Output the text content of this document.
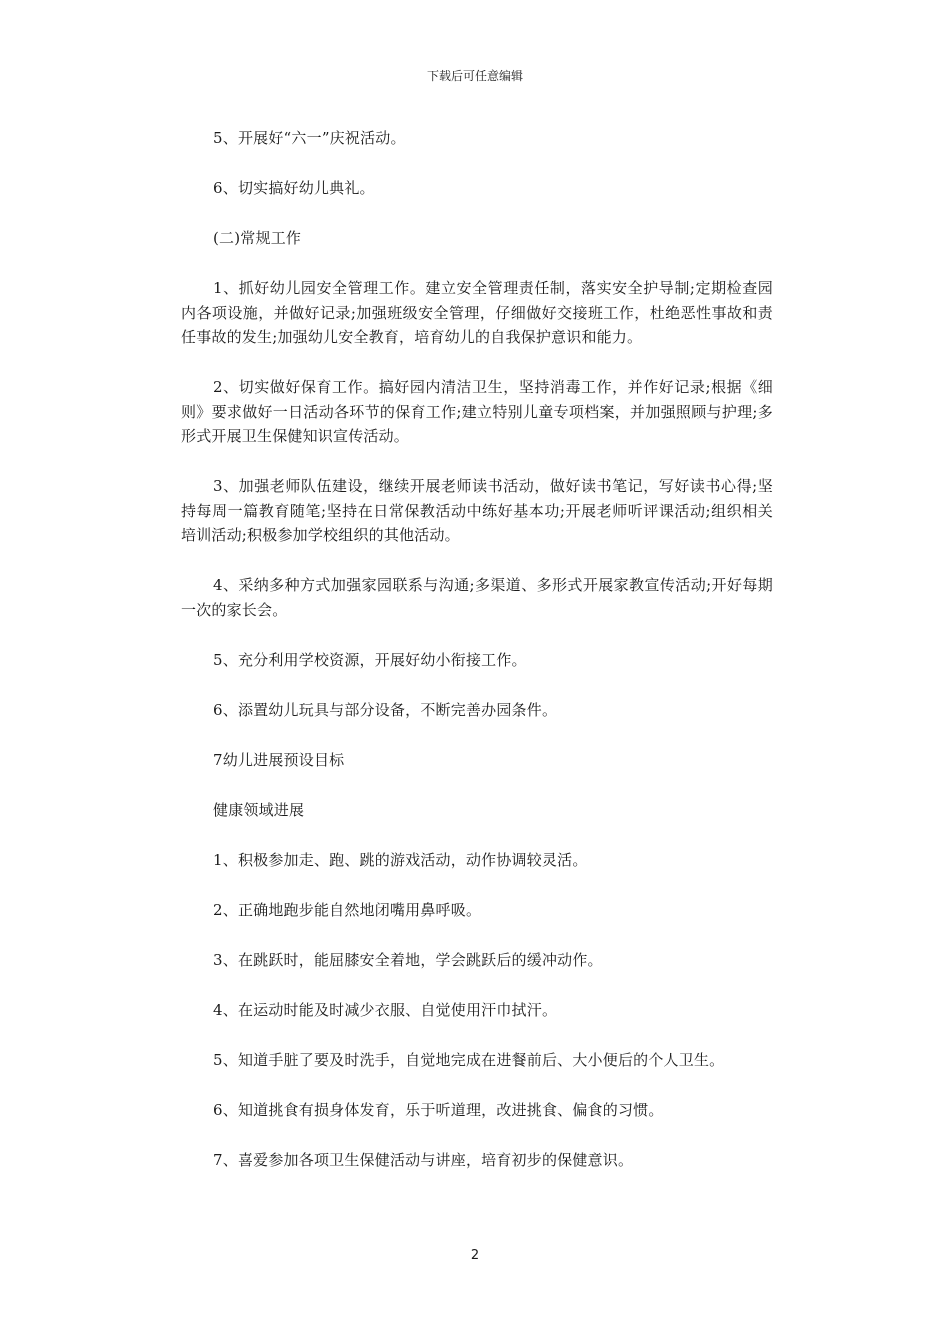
下载后可任意编辑

5、开展好“六一”庆祝活动。

6、切实搞好幼儿典礼。

(二)常规工作

1、抓好幼儿园安全管理工作。建立安全管理责任制，落实安全护导制;定期检查园内各项设施，并做好记录;加强班级安全管理，仔细做好交接班工作，杜绝恶性事故和责任事故的发生;加强幼儿安全教育，培育幼儿的自我保护意识和能力。

2、切实做好保育工作。搞好园内清洁卫生，坚持消毒工作，并作好记录;根据《细则》要求做好一日活动各环节的保育工作;建立特别儿童专项档案，并加强照顾与护理;多形式开展卫生保健知识宣传活动。

3、加强老师队伍建设，继续开展老师读书活动，做好读书笔记，写好读书心得;坚持每周一篇教育随笔;坚持在日常保教活动中练好基本功;开展老师听评课活动;组织相关培训活动;积极参加学校组织的其他活动。

4、采纳多种方式加强家园联系与沟通;多渠道、多形式开展家教宣传活动;开好每期一次的家长会。

5、充分利用学校资源，开展好幼小衔接工作。

6、添置幼儿玩具与部分设备，不断完善办园条件。

7幼儿进展预设目标

健康领域进展

1、积极参加走、跑、跳的游戏活动，动作协调较灵活。

2、正确地跑步能自然地闭嘴用鼻呼吸。

3、在跳跃时，能屈膝安全着地，学会跳跃后的缓冲动作。

4、在运动时能及时减少衣服、自觉使用汗巾拭汗。

5、知道手脏了要及时洗手，自觉地完成在进餐前后、大小便后的个人卫生。

6、知道挑食有损身体发育，乐于听道理，改进挑食、偏食的习惯。

7、喜爱参加各项卫生保健活动与讲座，培育初步的保健意识。

2
